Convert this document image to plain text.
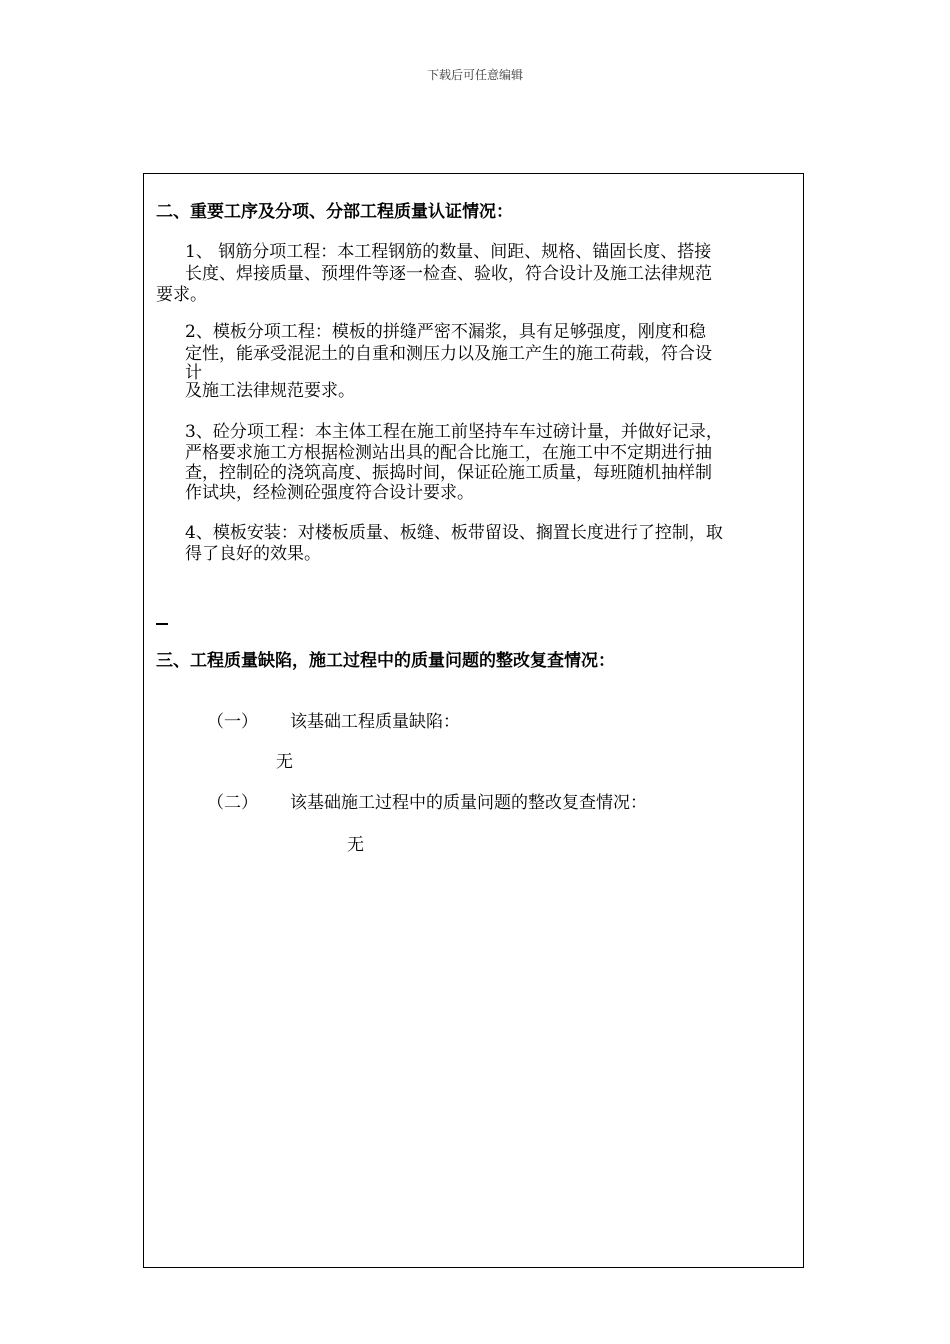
下载后可任意编辑
二、重要工序及分项、分部工程质量认证情况：
1、 钢筋分项工程：本工程钢筋的数量、间距、规格、锚固长度、搭接
长度、焊接质量、预埋件等逐一检查、验收，符合设计及施工法律规范
要求。
2、模板分项工程：模板的拼缝严密不漏浆，具有足够强度，刚度和稳
定性，能承受混泥土的自重和测压力以及施工产生的施工荷载，符合设
计
及施工法律规范要求。
3、砼分项工程：本主体工程在施工前坚持车车过磅计量，并做好记录，
严格要求施工方根据检测站出具的配合比施工，在施工中不定期进行抽
查，控制砼的浇筑高度、振捣时间，保证砼施工质量，每班随机抽样制
作试块，经检测砼强度符合设计要求。
4、模板安装：对楼板质量、板缝、板带留设、搁置长度进行了控制，取
得了良好的效果。
三、工程质量缺陷，施工过程中的质量问题的整改复查情况：
（一） 该基础工程质量缺陷：
无
（二） 该基础施工过程中的质量问题的整改复查情况：
无
